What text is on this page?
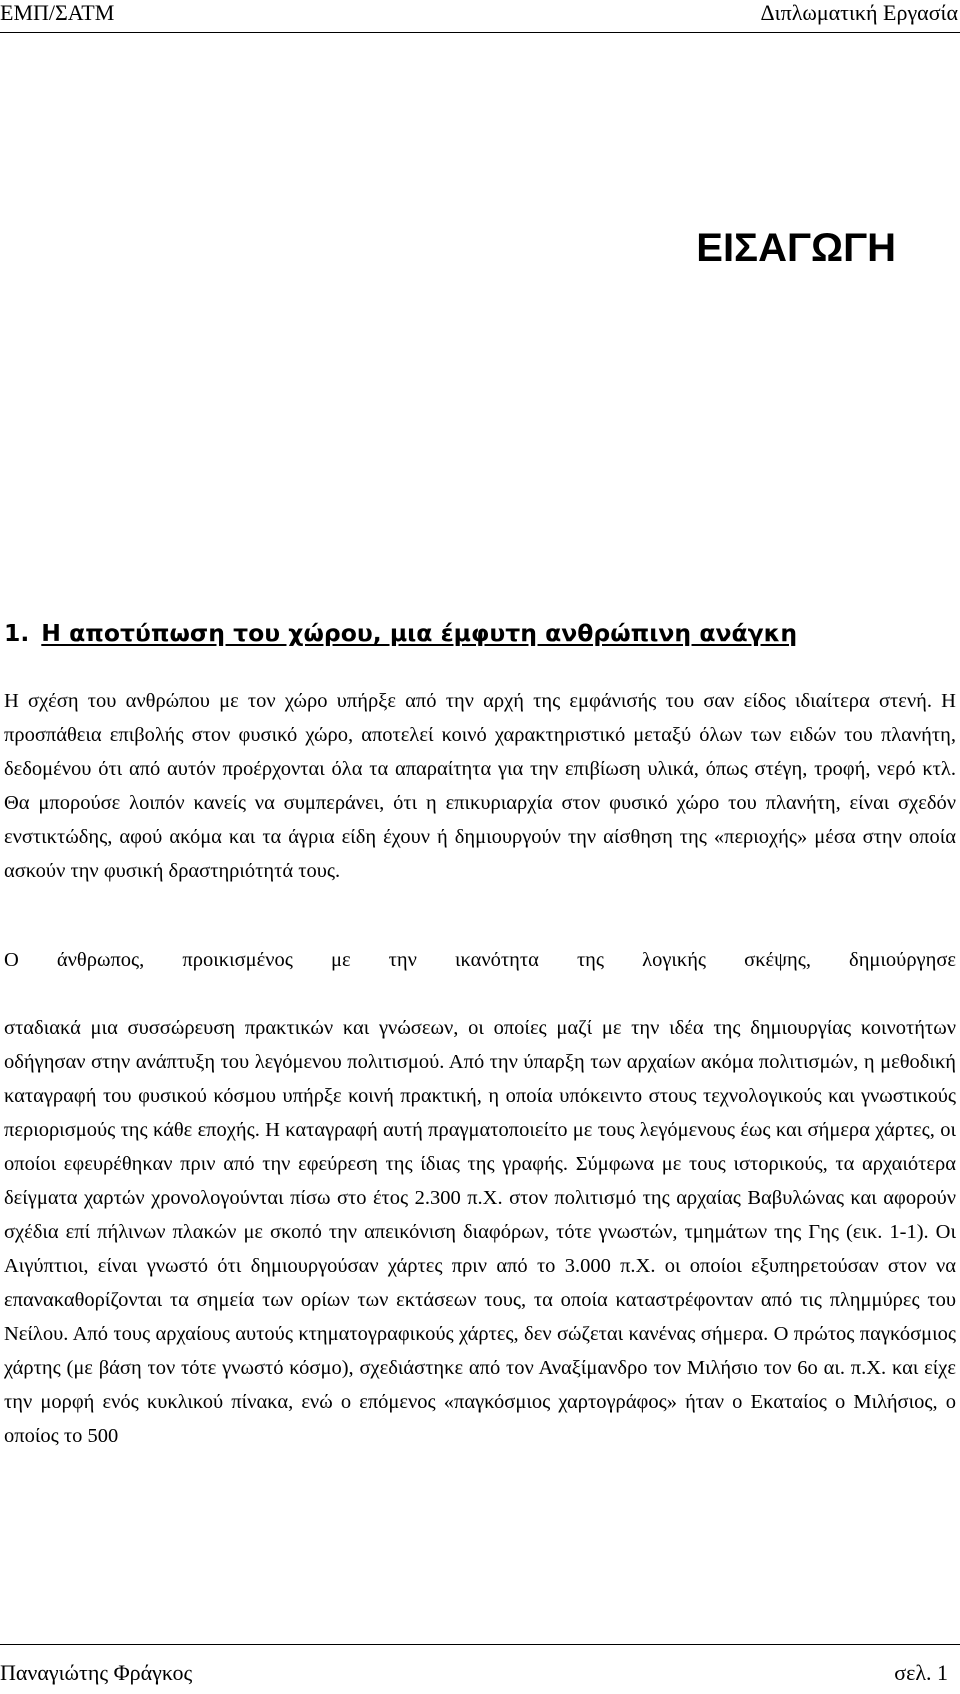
ΕΜΠ/ΣΑΤΜ	Διπλωματική Εργασία
ΕΙΣΑΓΩΓΗ
1. Η αποτύπωση του χώρου, μια έμφυτη ανθρώπινη ανάγκη

Η σχέση του ανθρώπου με τον χώρο υπήρξε από την αρχή της εμφάνισής του σαν είδος ιδιαίτερα στενή. Η προσπάθεια επιβολής στον φυσικό χώρο, αποτελεί κοινό χαρακτηριστικό μεταξύ όλων των ειδών του πλανήτη, δεδομένου ότι από αυτόν προέρχονται όλα τα απαραίτητα για την επιβίωση υλικά, όπως στέγη, τροφή, νερό κτλ. Θα μπορούσε λοιπόν κανείς να συμπεράνει, ότι η επικυριαρχία στον φυσικό χώρο του πλανήτη, είναι σχεδόν ενστικτώδης, αφού ακόμα και τα άγρια είδη έχουν ή δημιουργούν την αίσθηση της «περιοχής» μέσα στην οποία ασκούν την φυσική δραστηριότητά τους.

Ο άνθρωπος, προικισμένος με την ικανότητα της λογικής σκέψης, δημιούργησε

σταδιακά μια συσσώρευση πρακτικών και γνώσεων, οι οποίες μαζί με την ιδέα της δημιουργίας κοινοτήτων οδήγησαν στην ανάπτυξη του λεγόμενου πολιτισμού. Από την ύπαρξη των αρχαίων ακόμα πολιτισμών, η μεθοδική καταγραφή του φυσικού κόσμου υπήρξε κοινή πρακτική, η οποία υπόκειντο στους τεχνολογικούς και γνωστικούς περιορισμούς της κάθε εποχής. Η καταγραφή αυτή πραγματοποιείτο με τους λεγόμενους έως και σήμερα χάρτες, οι οποίοι εφευρέθηκαν πριν από την εφεύρεση της ίδιας της γραφής. Σύμφωνα με τους ιστορικούς, τα αρχαιότερα δείγματα χαρτών χρονολογούνται πίσω στο έτος 2.300 π.Χ. στον πολιτισμό της αρχαίας Βαβυλώνας και αφορούν σχέδια επί πήλινων πλακών με σκοπό την απεικόνιση διαφόρων, τότε γνωστών, τμημάτων της Γης (εικ. 1-1). Οι Αιγύπτιοι, είναι γνωστό ότι δημιουργούσαν χάρτες πριν από το 3.000 π.Χ. οι οποίοι εξυπηρετούσαν στον να επανακαθορίζονται τα σημεία των ορίων των εκτάσεων τους, τα οποία καταστρέφονταν από τις πλημμύρες του Νείλου. Από τους αρχαίους αυτούς κτηματογραφικούς χάρτες, δεν σώζεται κανένας σήμερα. Ο πρώτος παγκόσμιος χάρτης (με βάση τον τότε γνωστό κόσμο), σχεδιάστηκε από τον Αναξίμανδρο τον Μιλήσιο τον 6ο αι. π.Χ. και είχε την μορφή ενός κυκλικού πίνακα, ενώ ο επόμενος «παγκόσμιος χαρτογράφος» ήταν ο Εκαταίος ο Μιλήσιος, ο οποίος το 500

Παναγιώτης Φράγκος	σελ. 1
